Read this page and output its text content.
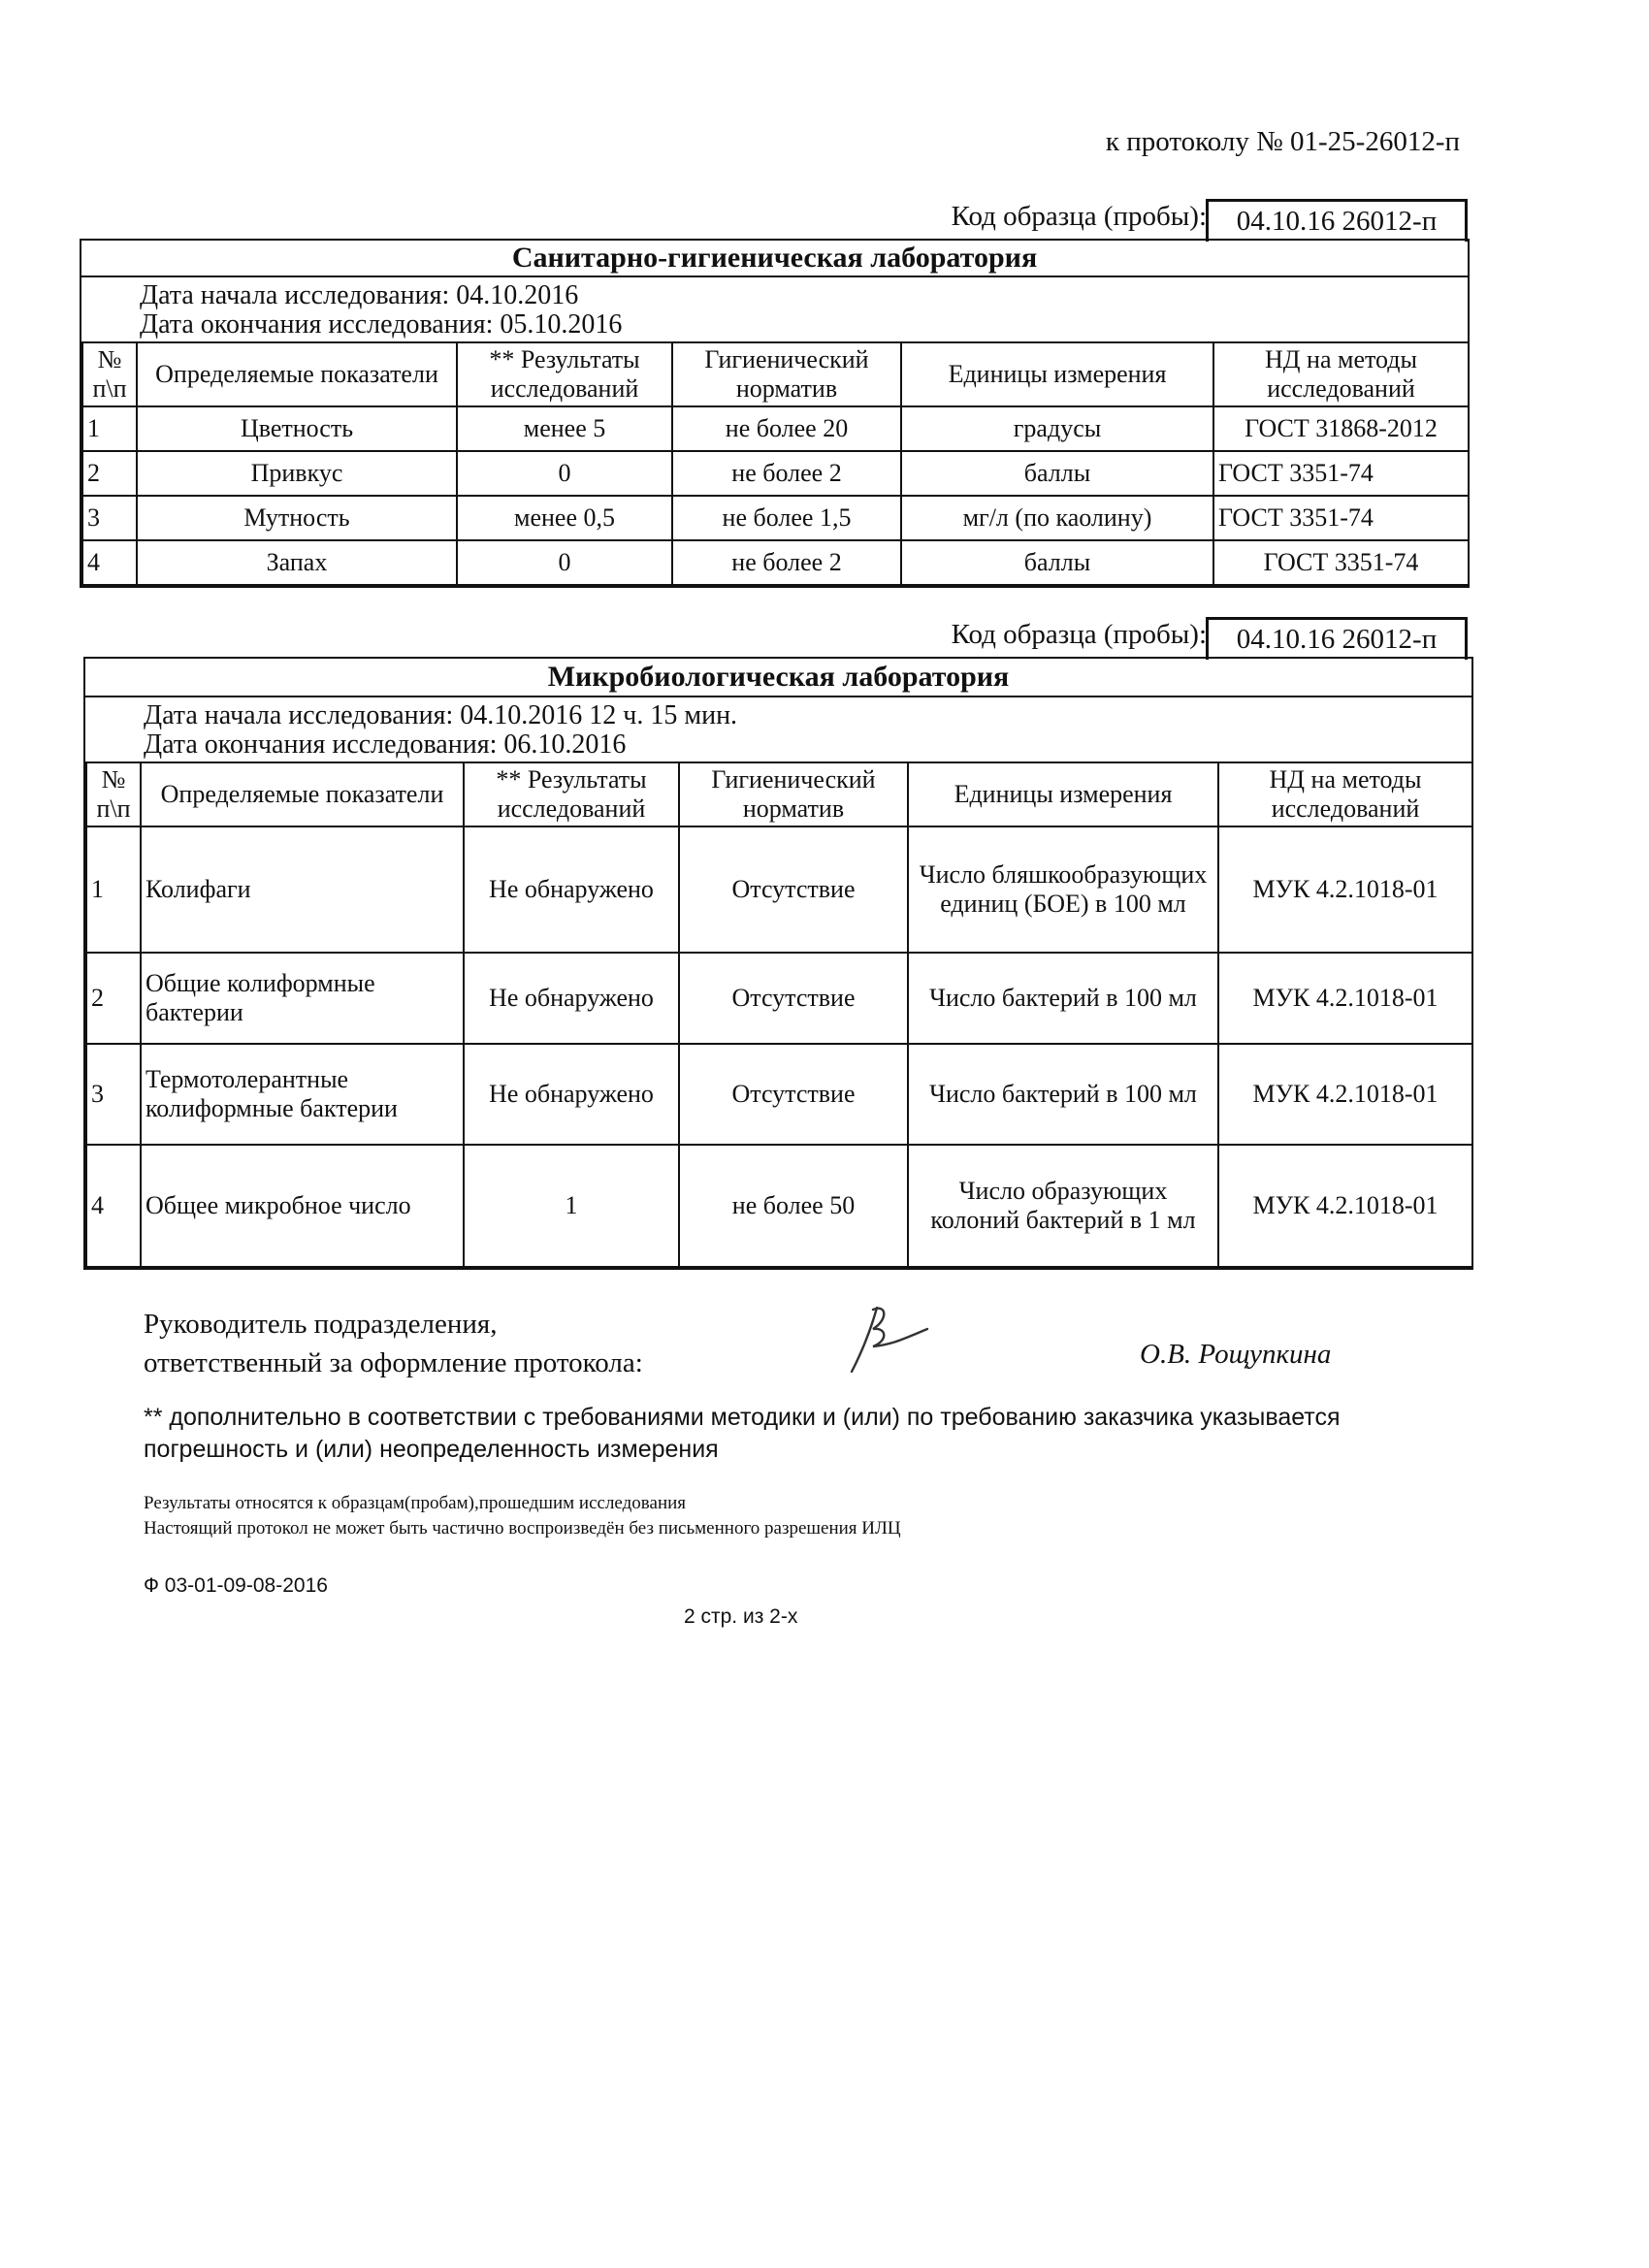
к протоколу № 01-25-26012-п
Код образца (пробы):	04.10.16 26012-п
Санитарно-гигиеническая лаборатория
Дата начала исследования: 04.10.2016
Дата окончания исследования: 05.10.2016
№ п\п	Определяемые показатели	** Результаты исследований	Гигиенический норматив	Единицы измерения	НД на методы исследований
1	Цветность	менее 5	не более 20	градусы	ГОСТ 31868-2012
2	Привкус	0	не более 2	баллы	ГОСТ 3351-74
3	Мутность	менее 0,5	не более 1,5	мг/л (по каолину)	ГОСТ 3351-74
4	Запах	0	не более 2	баллы	ГОСТ 3351-74
Код образца (пробы):	04.10.16 26012-п
Микробиологическая лаборатория
Дата начала исследования: 04.10.2016 12 ч. 15 мин.
Дата окончания исследования: 06.10.2016
№ п\п	Определяемые показатели	** Результаты исследований	Гигиенический норматив	Единицы измерения	НД на методы исследований
1	Колифаги	Не обнаружено	Отсутствие	Число бляшкообразующих единиц (БОЕ) в 100 мл	МУК 4.2.1018-01
2	Общие колиформные бактерии	Не обнаружено	Отсутствие	Число бактерий в 100 мл	МУК 4.2.1018-01
3	Термотолерантные колиформные бактерии	Не обнаружено	Отсутствие	Число бактерий в 100 мл	МУК 4.2.1018-01
4	Общее микробное число	1	не более 50	Число образующих колоний бактерий в 1 мл	МУК 4.2.1018-01
Руководитель подразделения,
ответственный за оформление протокола:	О.В. Рощупкина
** дополнительно в соответствии с требованиями методики и (или) по требованию заказчика указывается погрешность и (или) неопределенность измерения
Результаты относятся к образцам(пробам),прошедшим исследования
Настоящий протокол не может быть частично воспроизведён без письменного разрешения ИЛЦ
Ф 03-01-09-08-2016
2 стр. из 2-х
